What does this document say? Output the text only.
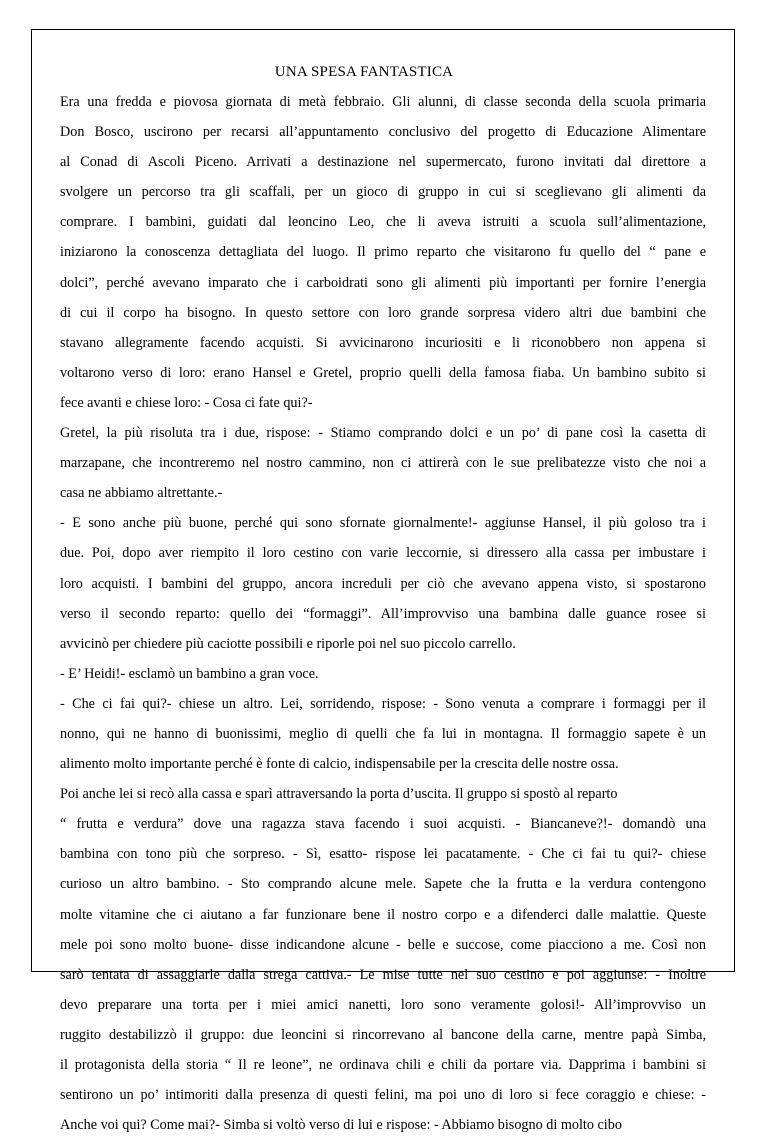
UNA SPESA FANTASTICA
Era una fredda e piovosa giornata di metà febbraio. Gli alunni, di classe seconda della scuola primaria
Don Bosco, uscirono per recarsi all’appuntamento conclusivo del progetto di Educazione Alimentare
al Conad di Ascoli Piceno. Arrivati a destinazione nel supermercato, furono invitati dal direttore a
svolgere un percorso tra gli scaffali, per un gioco di gruppo in cui si sceglievano gli alimenti da
comprare. I bambini, guidati dal leoncino Leo, che li aveva istruiti a scuola sull’alimentazione,
iniziarono la conoscenza dettagliata del luogo. Il primo reparto che visitarono fu quello del “ pane e
dolci”, perché avevano imparato che i carboidrati sono gli alimenti più importanti per fornire l’energia
di cui il corpo ha bisogno. In questo settore con loro grande sorpresa videro altri due bambini che
stavano allegramente facendo acquisti. Si avvicinarono incuriositi e li riconobbero non appena si
voltarono verso di loro: erano Hansel e Gretel, proprio quelli della famosa fiaba. Un bambino subito si
fece avanti e chiese loro: - Cosa ci fate qui?-
Gretel, la più risoluta tra i due, rispose: - Stiamo comprando dolci e un po’ di pane così la casetta di
marzapane, che incontreremo nel nostro cammino, non ci attirerà con le sue prelibatezze visto che noi a
casa ne abbiamo altrettante.-
- E sono anche più buone, perché qui sono sfornate giornalmente!- aggiunse Hansel, il più goloso tra i
due. Poi, dopo aver riempito il loro cestino con varie leccornie, si diressero alla cassa per imbustare i
loro acquisti. I bambini del gruppo, ancora increduli per ciò che avevano appena visto, si spostarono
verso il secondo reparto: quello dei “formaggi”. All’improvviso una bambina dalle guance rosee si
avvicinò per chiedere più caciotte possibili e riporle poi nel suo piccolo carrello.
- E’ Heidi!- esclamò un bambino a gran voce.
- Che ci fai qui?- chiese un altro. Lei, sorridendo, rispose: - Sono venuta a comprare i formaggi per il
nonno, qui ne hanno di buonissimi, meglio di quelli che fa lui in montagna. Il formaggio sapete è un
alimento molto importante perché è fonte di calcio, indispensabile per la crescita delle nostre ossa.
Poi anche lei si recò alla cassa e sparì attraversando la porta d’uscita. Il gruppo si spostò al reparto
“ frutta e verdura” dove una ragazza stava facendo i suoi acquisti. - Biancaneve?!- domandò una
bambina con tono più che sorpreso. - Sì, esatto- rispose lei pacatamente. - Che ci fai tu qui?- chiese
curioso un altro bambino. - Sto comprando alcune mele. Sapete che la frutta e la verdura contengono
molte vitamine che ci aiutano a far funzionare bene il nostro corpo e a difenderci dalle malattie. Queste
mele poi sono molto buone- disse indicandone alcune - belle e succose, come piacciono a me. Così non
sarò tentata di assaggiarle dalla strega cattiva.- Le mise tutte nel suo cestino e poi aggiunse: - Inoltre
devo preparare una torta per i miei amici nanetti, loro sono veramente golosi!- All’improvviso un
ruggito destabilizzò il gruppo: due leoncini si rincorrevano al bancone della carne, mentre papà Simba,
il protagonista della storia “ Il re leone”, ne ordinava chili e chili da portare via. Dapprima i bambini si
sentirono un po’ intimoriti dalla presenza di questi felini, ma poi uno di loro si fece coraggio e chiese: -
Anche voi qui? Come mai?- Simba si voltò verso di lui e rispose: - Abbiamo bisogno di molto cibo
